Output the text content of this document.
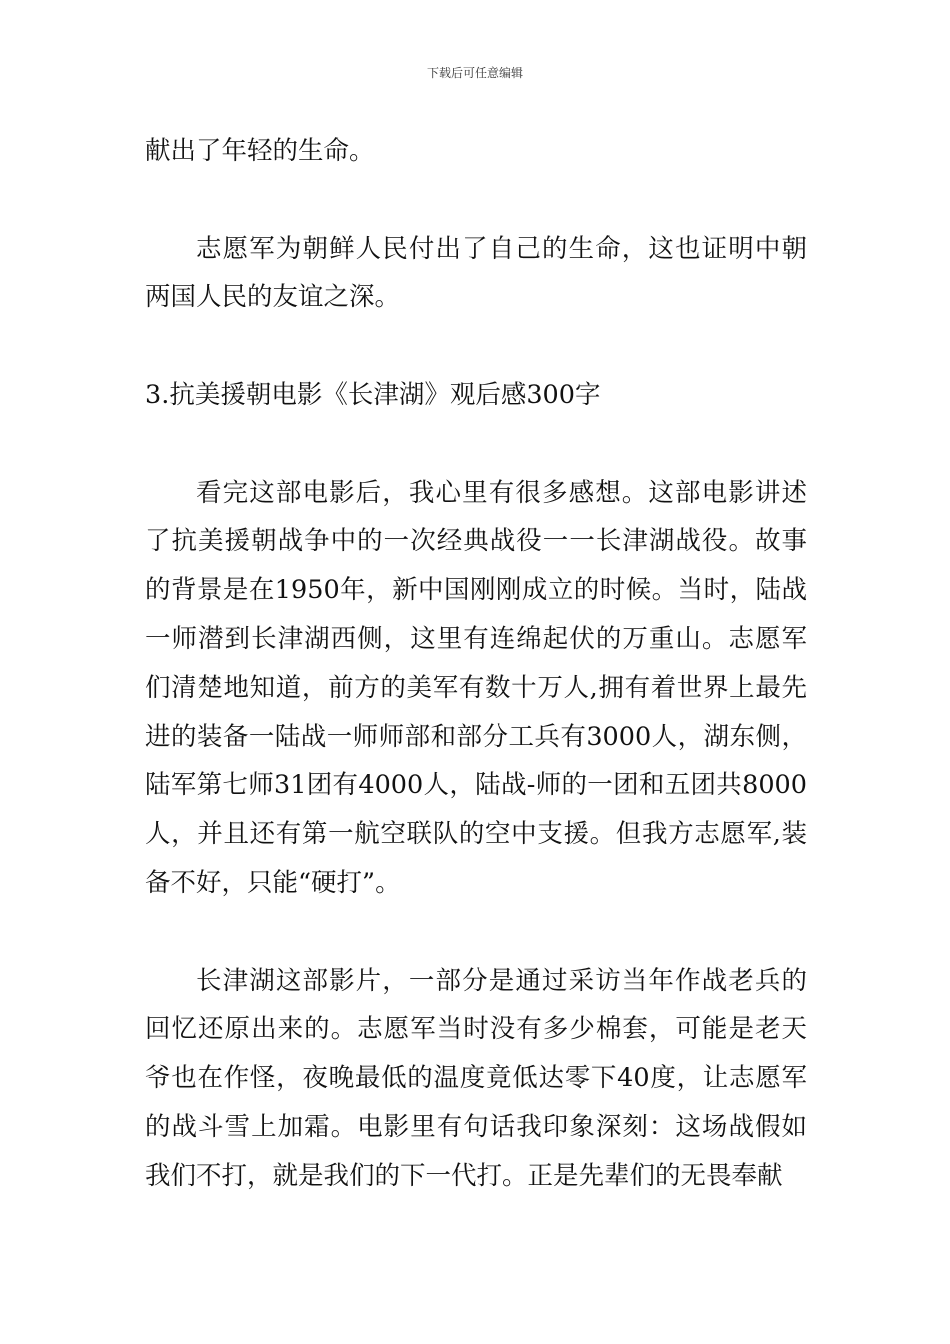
下载后可任意编辑

献出了年轻的生命。

志愿军为朝鲜人民付出了自己的生命，这也证明中朝两国人民的友谊之深。

3.抗美援朝电影《长津湖》观后感300字

看完这部电影后，我心里有很多感想。这部电影讲述了抗美援朝战争中的一次经典战役一一长津湖战役。故事的背景是在1950年，新中国刚刚成立的时候。当时，陆战一师潜到长津湖西侧，这里有连绵起伏的万重山。志愿军们清楚地知道，前方的美军有数十万人,拥有着世界上最先进的装备一陆战一师师部和部分工兵有3000人，湖东侧，陆军第七师31团有4000人，陆战-师的一团和五团共8000人，并且还有第一航空联队的空中支援。但我方志愿军,装备不好，只能“硬打”。

长津湖这部影片，一部分是通过采访当年作战老兵的回忆还原出来的。志愿军当时没有多少棉套，可能是老天爷也在作怪，夜晚最低的温度竟低达零下40度，让志愿军的战斗雪上加霜。电影里有句话我印象深刻：这场战假如我们不打，就是我们的下一代打。正是先辈们的无畏奉献
